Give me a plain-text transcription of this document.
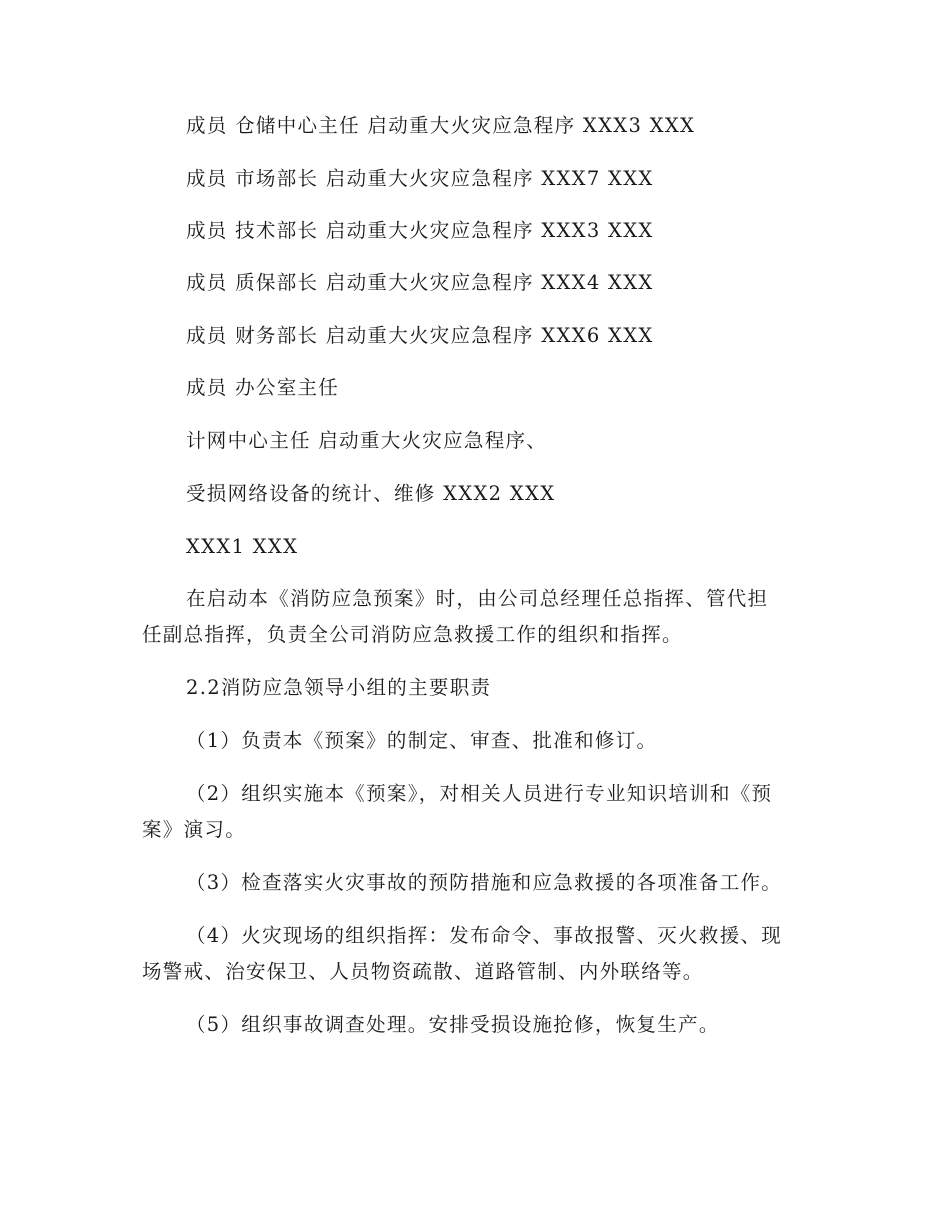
成员 仓储中心主任 启动重大火灾应急程序 XXX3 XXX
成员 市场部长 启动重大火灾应急程序 XXX7 XXX
成员 技术部长 启动重大火灾应急程序 XXX3 XXX
成员 质保部长 启动重大火灾应急程序 XXX4 XXX
成员 财务部长 启动重大火灾应急程序 XXX6 XXX
成员 办公室主任
计网中心主任 启动重大火灾应急程序、
受损网络设备的统计、维修 XXX2 XXX
XXX1 XXX
在启动本《消防应急预案》时，由公司总经理任总指挥、管代担
任副总指挥，负责全公司消防应急救援工作的组织和指挥。
2.2消防应急领导小组的主要职责
（1）负责本《预案》的制定、审查、批准和修订。
（2）组织实施本《预案》，对相关人员进行专业知识培训和《预
案》演习。
（3）检查落实火灾事故的预防措施和应急救援的各项准备工作。
（4）火灾现场的组织指挥：发布命令、事故报警、灭火救援、现
场警戒、治安保卫、人员物资疏散、道路管制、内外联络等。
（5）组织事故调查处理。安排受损设施抢修，恢复生产。
